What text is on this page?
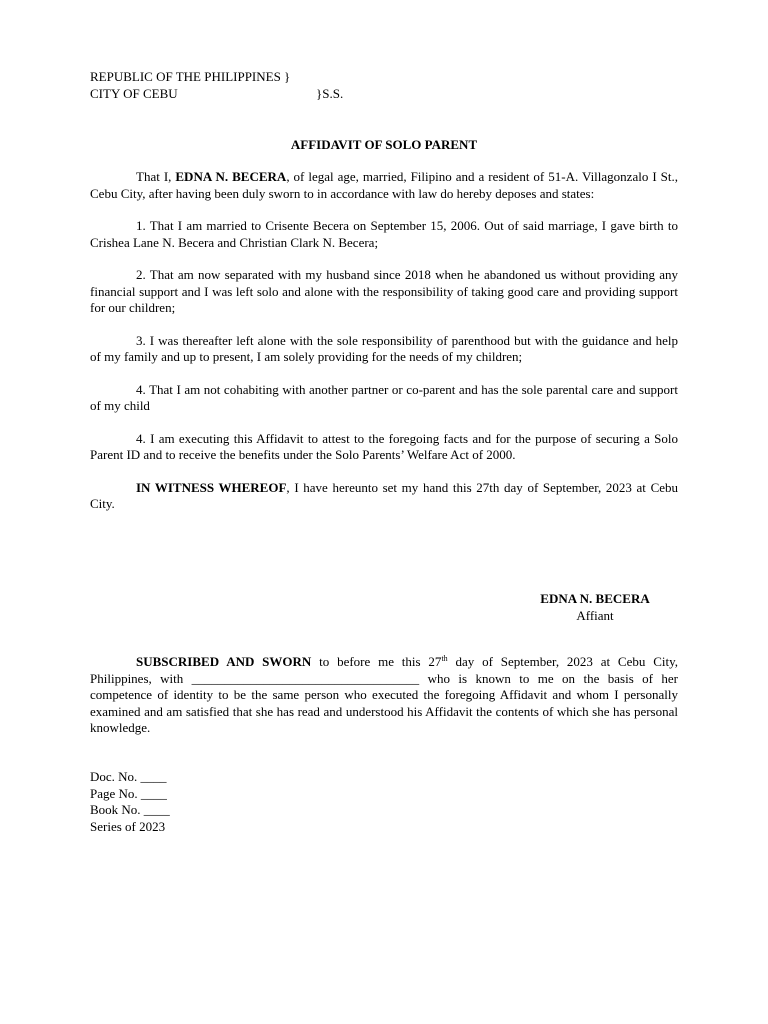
REPUBLIC OF THE PHILIPPINES }
CITY OF CEBU	}S.S.
AFFIDAVIT OF SOLO PARENT
That I, EDNA N. BECERA, of legal age, married, Filipino and a resident of 51-A. Villagonzalo I St., Cebu City, after having been duly sworn to in accordance with law do hereby deposes and states:
1. That I am married to Crisente Becera on September 15, 2006. Out of said marriage, I gave birth to Crishea Lane N. Becera and Christian Clark N. Becera;
2. That am now separated with my husband since 2018 when he abandoned us without providing any financial support and I was left solo and alone with the responsibility of taking good care and providing support for our children;
3. I was thereafter left alone with the sole responsibility of parenthood but with the guidance and help of my family and up to present, I am solely providing for the needs of my children;
4. That I am not cohabiting with another partner or co-parent and has the sole parental care and support of my child
4. I am executing this Affidavit to attest to the foregoing facts and for the purpose of securing a Solo Parent ID and to receive the benefits under the Solo Parents’ Welfare Act of 2000.
IN WITNESS WHEREOF, I have hereunto set my hand this 27th day of September, 2023 at Cebu City.
EDNA N. BECERA
Affiant
SUBSCRIBED AND SWORN to before me this 27th day of September, 2023 at Cebu City, Philippines, with ___________________________________ who is known to me on the basis of her competence of identity to be the same person who executed the foregoing Affidavit and whom I personally examined and am satisfied that she has read and understood his Affidavit the contents of which she has personal knowledge.
Doc. No. ____
Page No. ____
Book No. ____
Series of 2023
